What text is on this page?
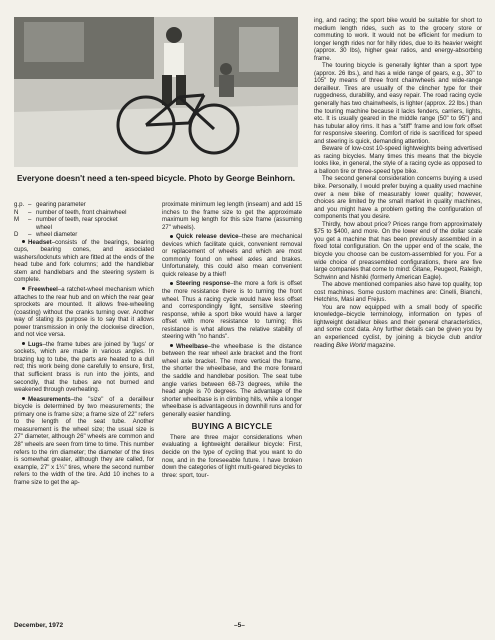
Everyone doesn't need a ten-speed bicycle. Photo by George Beinhorn.
g.p. – gearing parameter
N	– number of teeth, front chainwheel
M	– number of teeth, rear sprocket
wheel
D	– wheel diameter

Headset–consists of the bearings, bearing cups, bearing cones, and associated washers/locknuts which are fitted at the ends of the head tube and fork columns; add the handlebar stem and handlebars and the steering system is complete.

Freewheel–a ratchet-wheel mechanism which attaches to the rear hub and on which the rear gear sprockets are mounted. It allows free-wheeling (coasting) without the cranks turning over. Another way of stating its purpose is to say that it allows power transmission in only the clockwise direction, and not vice versa.

Lugs–the frame tubes are joined by 'lugs' or sockets, which are made in various angles. In brazing lug to tube, the parts are heated to a dull red; this work being done carefully to ensure, first, that sufficient brass is run into the joints, and secondly, that the tubes are not burned and weakened through overheating.

Measurements–the "size" of a derailleur bicycle is determined by two measurements; the primary one is frame size; a frame size of 22" refers to the length of the seat tube. Another measurement is the wheel size; the usual size is 27" diameter, although 26" wheels are common and 28" wheels are seen from time to time. This number refers to the rim diameter; the diameter of the tires is somewhat greater, although they are called, for example, 27" x 1¼" tires, where the second number refers to the width of the tire. Add 10 inches to a frame size to get the ap-

proximate minimum leg length (inseam) and add 15 inches to the frame size to get the approximate maximum leg length for this size frame (assuming 27" wheels).

Quick release device–these are mechanical devices which facilitate quick, convenient removal or replacement of wheels and which are most commonly found on wheel axles and brakes. Unfortunately, this could also mean convenient quick release by a thief!

Steering response–the more a fork is offset the more resistance there is to turning the front wheel. Thus a racing cycle would have less offset and correspondingly light, sensitive steering response, while a sport bike would have a larger offset with more resistance to turning; this resistance is what allows the relative stability of steering with "no hands".

Wheelbase–the wheelbase is the distance between the rear wheel axle bracket and the front wheel axle bracket. The more vertical the frame, the shorter the wheelbase, and the more forward the saddle and handlebar position. The seat tube angle varies between 68-73 degrees, while the head angle is 70 degrees. The advantage of the shorter wheelbase is in climbing hills, while a longer wheelbase is advantageous in downhill runs and for generally easier handling.

BUYING A BICYCLE

There are three major considerations when evaluating a lightweight derailleur bicycle: First, decide on the type of cycling that you want to do now, and in the foreseeable future. I have broken down the categories of light multi-geared bicycles to three: sport, tour-

ing, and racing; the sport bike would be suitable for short to medium length rides, such as to the grocery store or commuting to work. It would not be efficient for medium to longer length rides nor for hilly rides, due to its heavier weight (approx. 30 lbs), higher gear ratios, and energy-absorbing frame.

The touring bicycle is generally lighter than a sport type (approx. 26 lbs.), and has a wide range of gears, e.g., 30" to 105" by means of three front chainwheels and wide-range derailleur. Tires are usually of the clincher type for their ruggedness, durability, and easy repair. The road racing cycle generally has two chainwheels, is lighter (approx. 22 lbs.) than the touring machine because it lacks fenders, carriers, lights, etc. It is usually geared in the middle range (50" to 95") and has tubular alloy rims. It has a "stiff" frame and low fork offset for responsive steering. Comfort of ride is sacrificed for speed and steering is quick, demanding attention.

Beware of low-cost 10-speed lightweights being advertised as racing bicycles. Many times this means that the bicycle looks like, in general, the style of a racing cycle as opposed to a balloon tire or three-speed type bike.

The second general consideration concerns buying a used bike. Personally, I would prefer buying a quality used machine over a new bike of measurably lower quality; however, choices are limited by the small market in quality machines, and you might have a problem getting the configuration of components that you desire.

Thirdly, how about price? Prices range from approximately $75 to $400, and more. On the lower end of the dollar scale you get a machine that has been previously assembled in a fixed total configuration. On the upper end of the scale, the bicycle you choose can be custom-assembled for you. For a wide choice of preassembled configurations, there are five large companies that come to mind: Gitane, Peugeot, Raleigh, Schwinn and Nishiki (formerly American Eagle).

The above mentioned companies also have top quality, top cost machines. Some custom machines are: Cinelli, Bianchi, Hetchins, Masi and Frejus.

You are now equipped with a small body of specific knowledge–bicycle terminology, information on types of lightweight derailleur bikes and their general characteristics, and some cost data. Any further details can be given you by an experienced cyclist, by joining a bicycle club and/or reading Bike World magazine.

December, 1972	–5–
